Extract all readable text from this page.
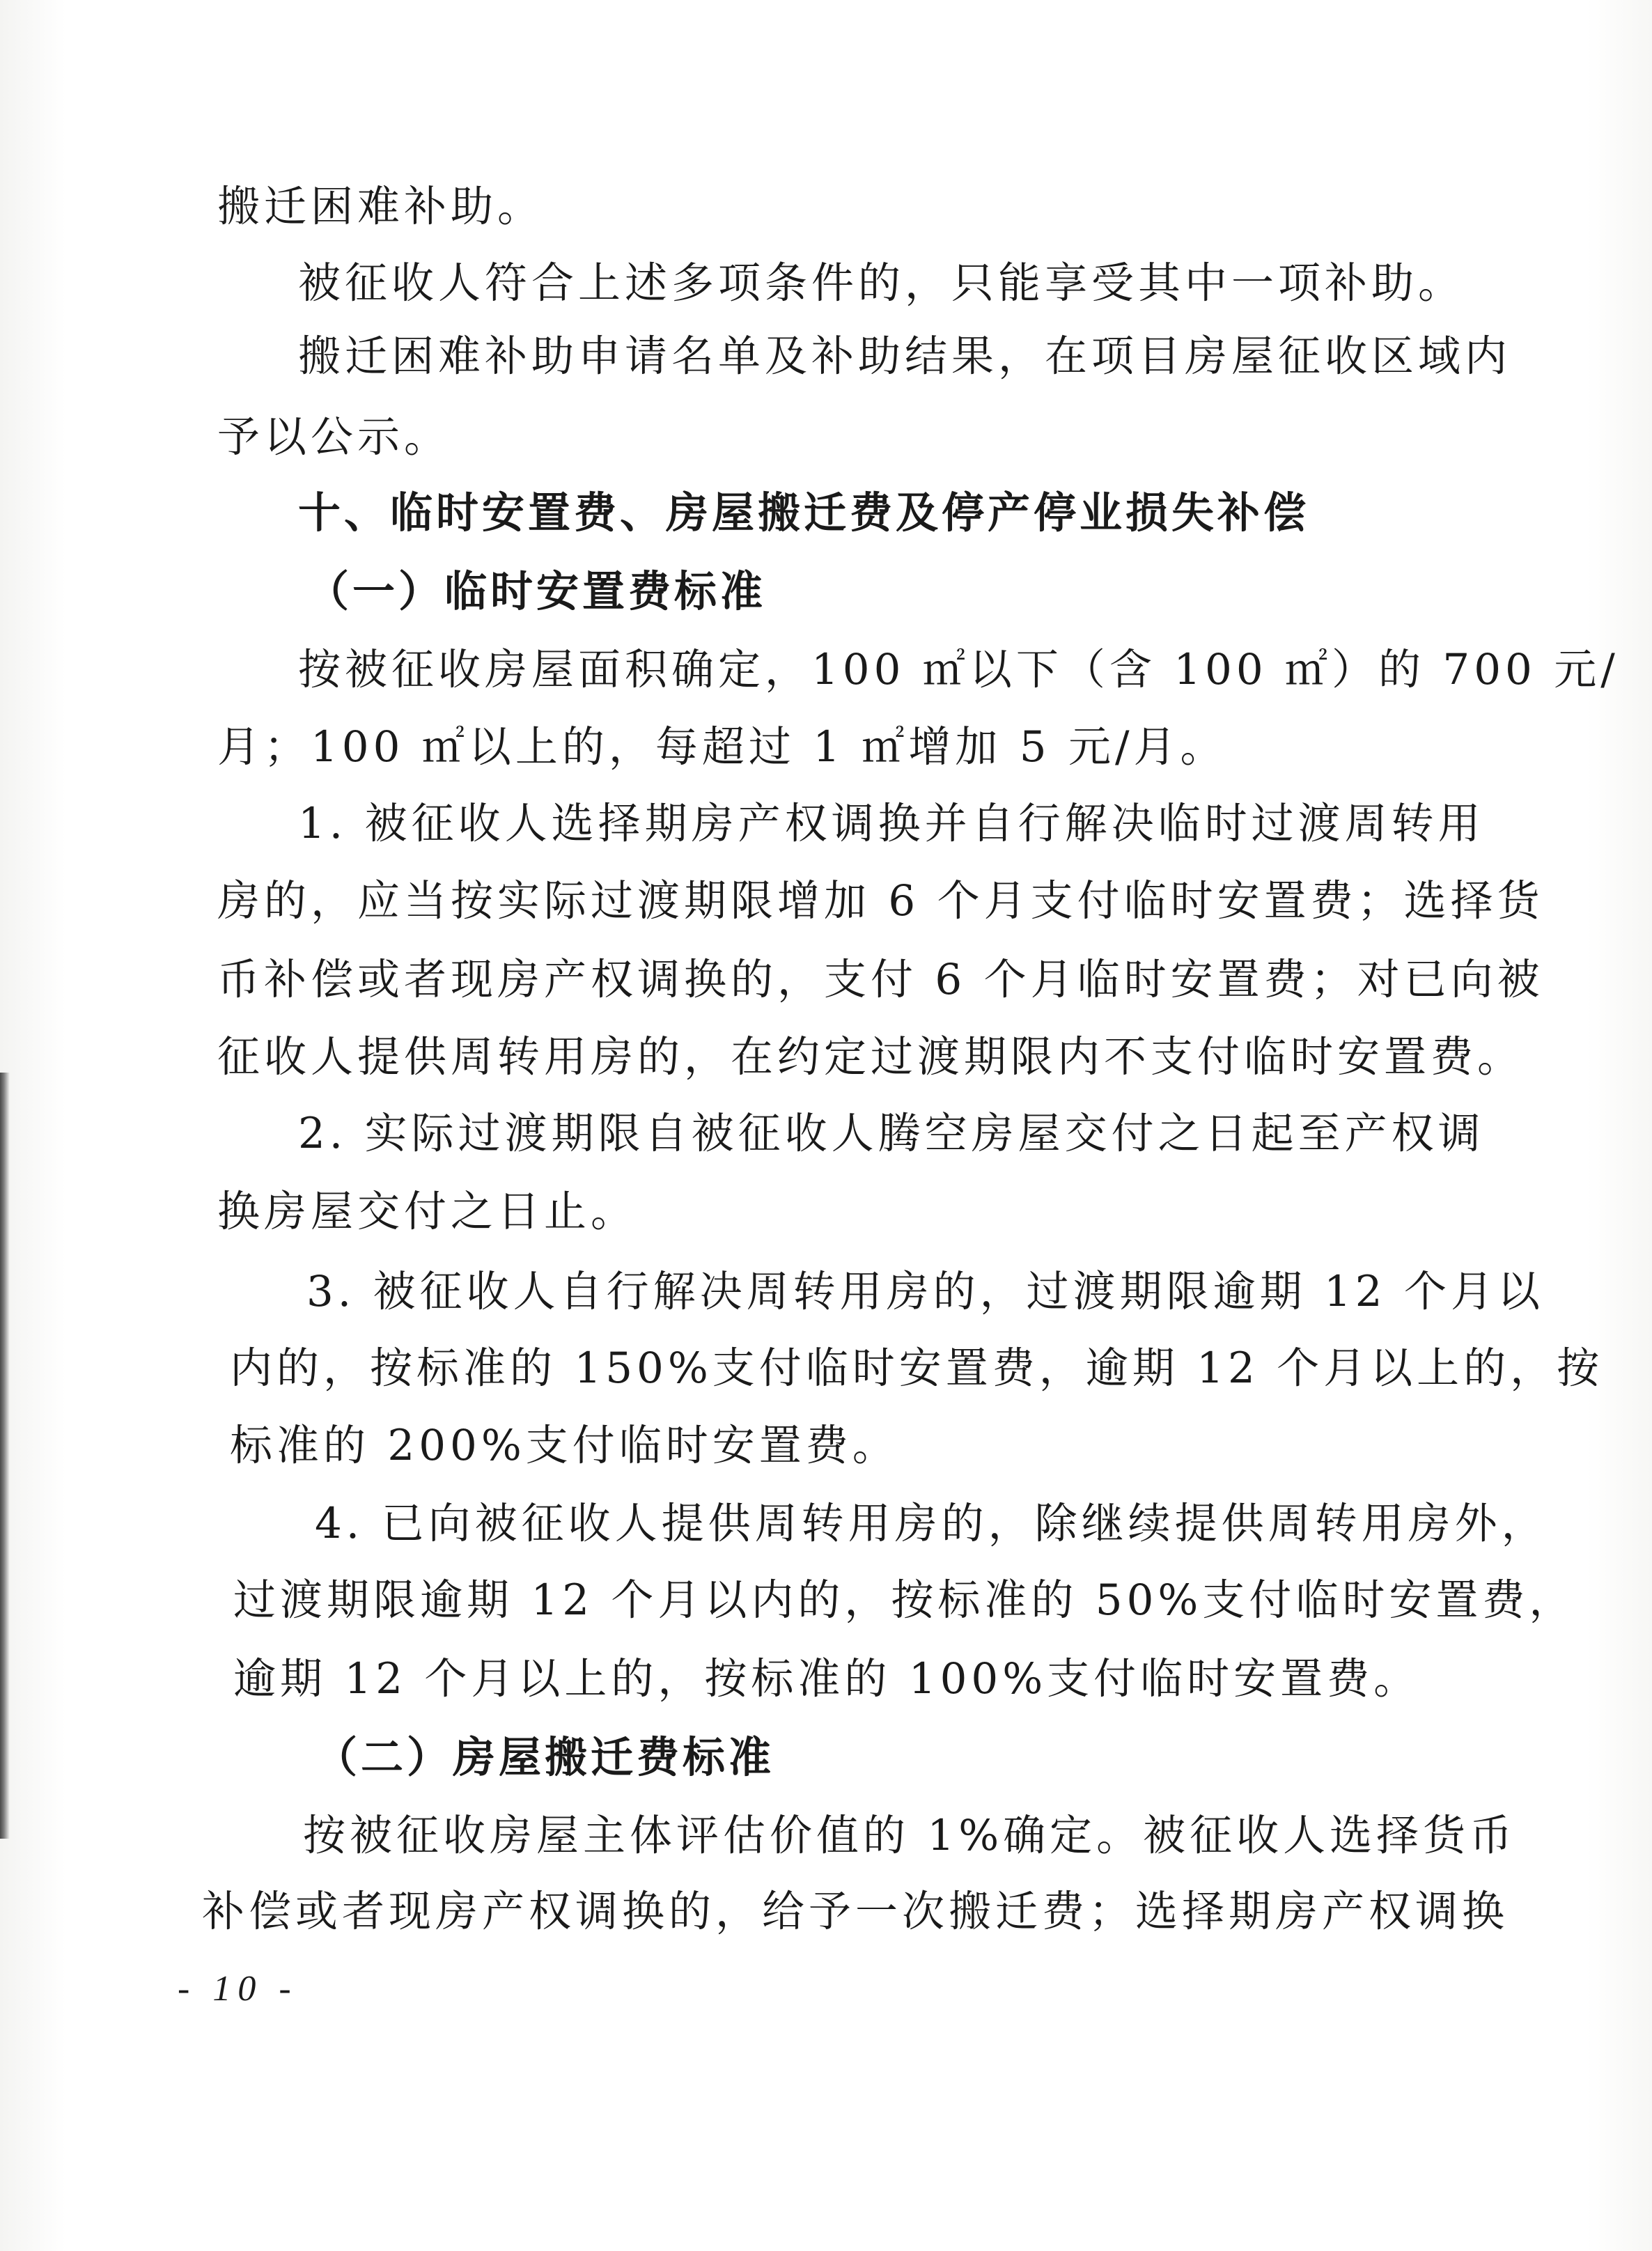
搬迁困难补助。
被征收人符合上述多项条件的，只能享受其中一项补助。
搬迁困难补助申请名单及补助结果，在项目房屋征收区域内
予以公示。
十、临时安置费、房屋搬迁费及停产停业损失补偿
（一）临时安置费标准
按被征收房屋面积确定，100 ㎡以下（含 100 ㎡）的 700 元/
月；100 ㎡以上的，每超过 1 ㎡增加 5 元/月。
1. 被征收人选择期房产权调换并自行解决临时过渡周转用
房的，应当按实际过渡期限增加 6 个月支付临时安置费；选择货
币补偿或者现房产权调换的，支付 6 个月临时安置费；对已向被
征收人提供周转用房的，在约定过渡期限内不支付临时安置费。
2. 实际过渡期限自被征收人腾空房屋交付之日起至产权调
换房屋交付之日止。
3. 被征收人自行解决周转用房的，过渡期限逾期 12 个月以
内的，按标准的 150%支付临时安置费，逾期 12 个月以上的，按
标准的 200%支付临时安置费。
4. 已向被征收人提供周转用房的，除继续提供周转用房外，
过渡期限逾期 12 个月以内的，按标准的 50%支付临时安置费，
逾期 12 个月以上的，按标准的 100%支付临时安置费。
（二）房屋搬迁费标准
按被征收房屋主体评估价值的 1%确定。被征收人选择货币
补偿或者现房产权调换的，给予一次搬迁费；选择期房产权调换
- 10 -
